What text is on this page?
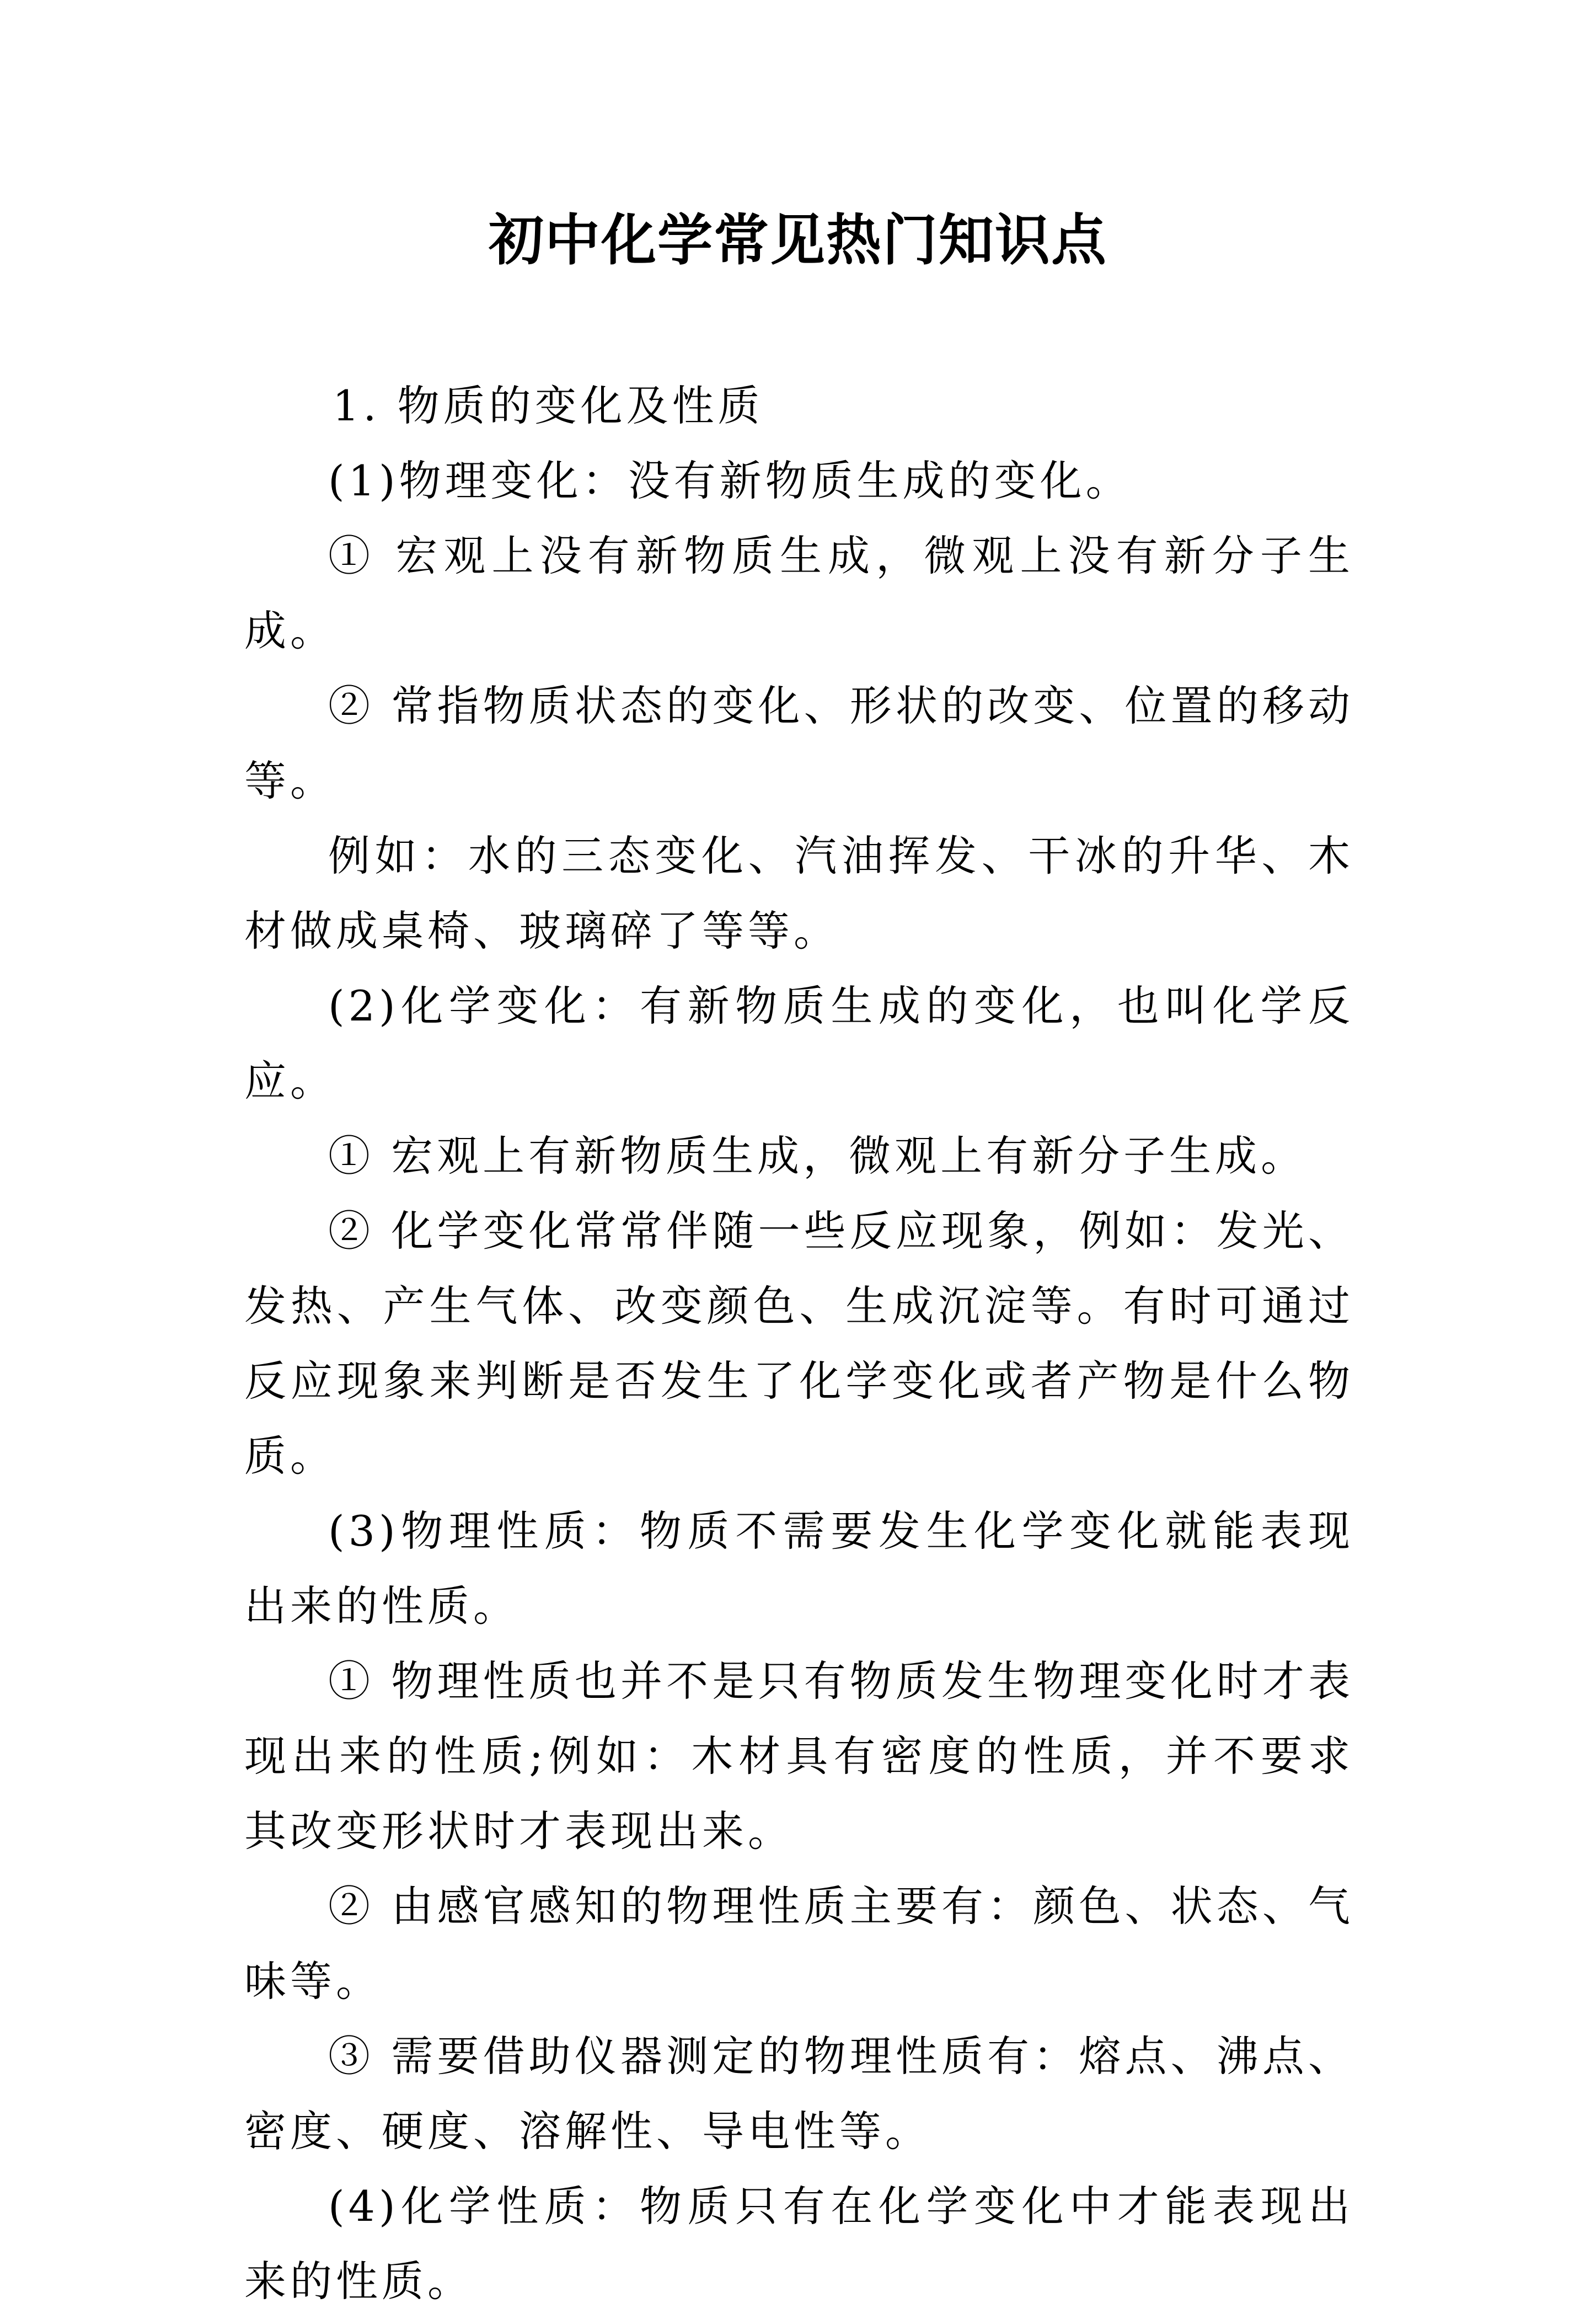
初中化学常见热门知识点

1. 物质的变化及性质

(1)物理变化：没有新物质生成的变化。

① 宏观上没有新物质生成，微观上没有新分子生成。

② 常指物质状态的变化、形状的改变、位置的移动等。

例如：水的三态变化、汽油挥发、干冰的升华、木材做成桌椅、玻璃碎了等等。

(2)化学变化：有新物质生成的变化，也叫化学反应。

① 宏观上有新物质生成，微观上有新分子生成。

② 化学变化常常伴随一些反应现象，例如：发光、发热、产生气体、改变颜色、生成沉淀等。有时可通过反应现象来判断是否发生了化学变化或者产物是什么物质。

(3)物理性质：物质不需要发生化学变化就能表现出来的性质。

① 物理性质也并不是只有物质发生物理变化时才表现出来的性质;例如：木材具有密度的性质，并不要求其改变形状时才表现出来。

② 由感官感知的物理性质主要有：颜色、状态、气味等。

③ 需要借助仪器测定的物理性质有：熔点、沸点、密度、硬度、溶解性、导电性等。

(4)化学性质：物质只有在化学变化中才能表现出来的性质。
